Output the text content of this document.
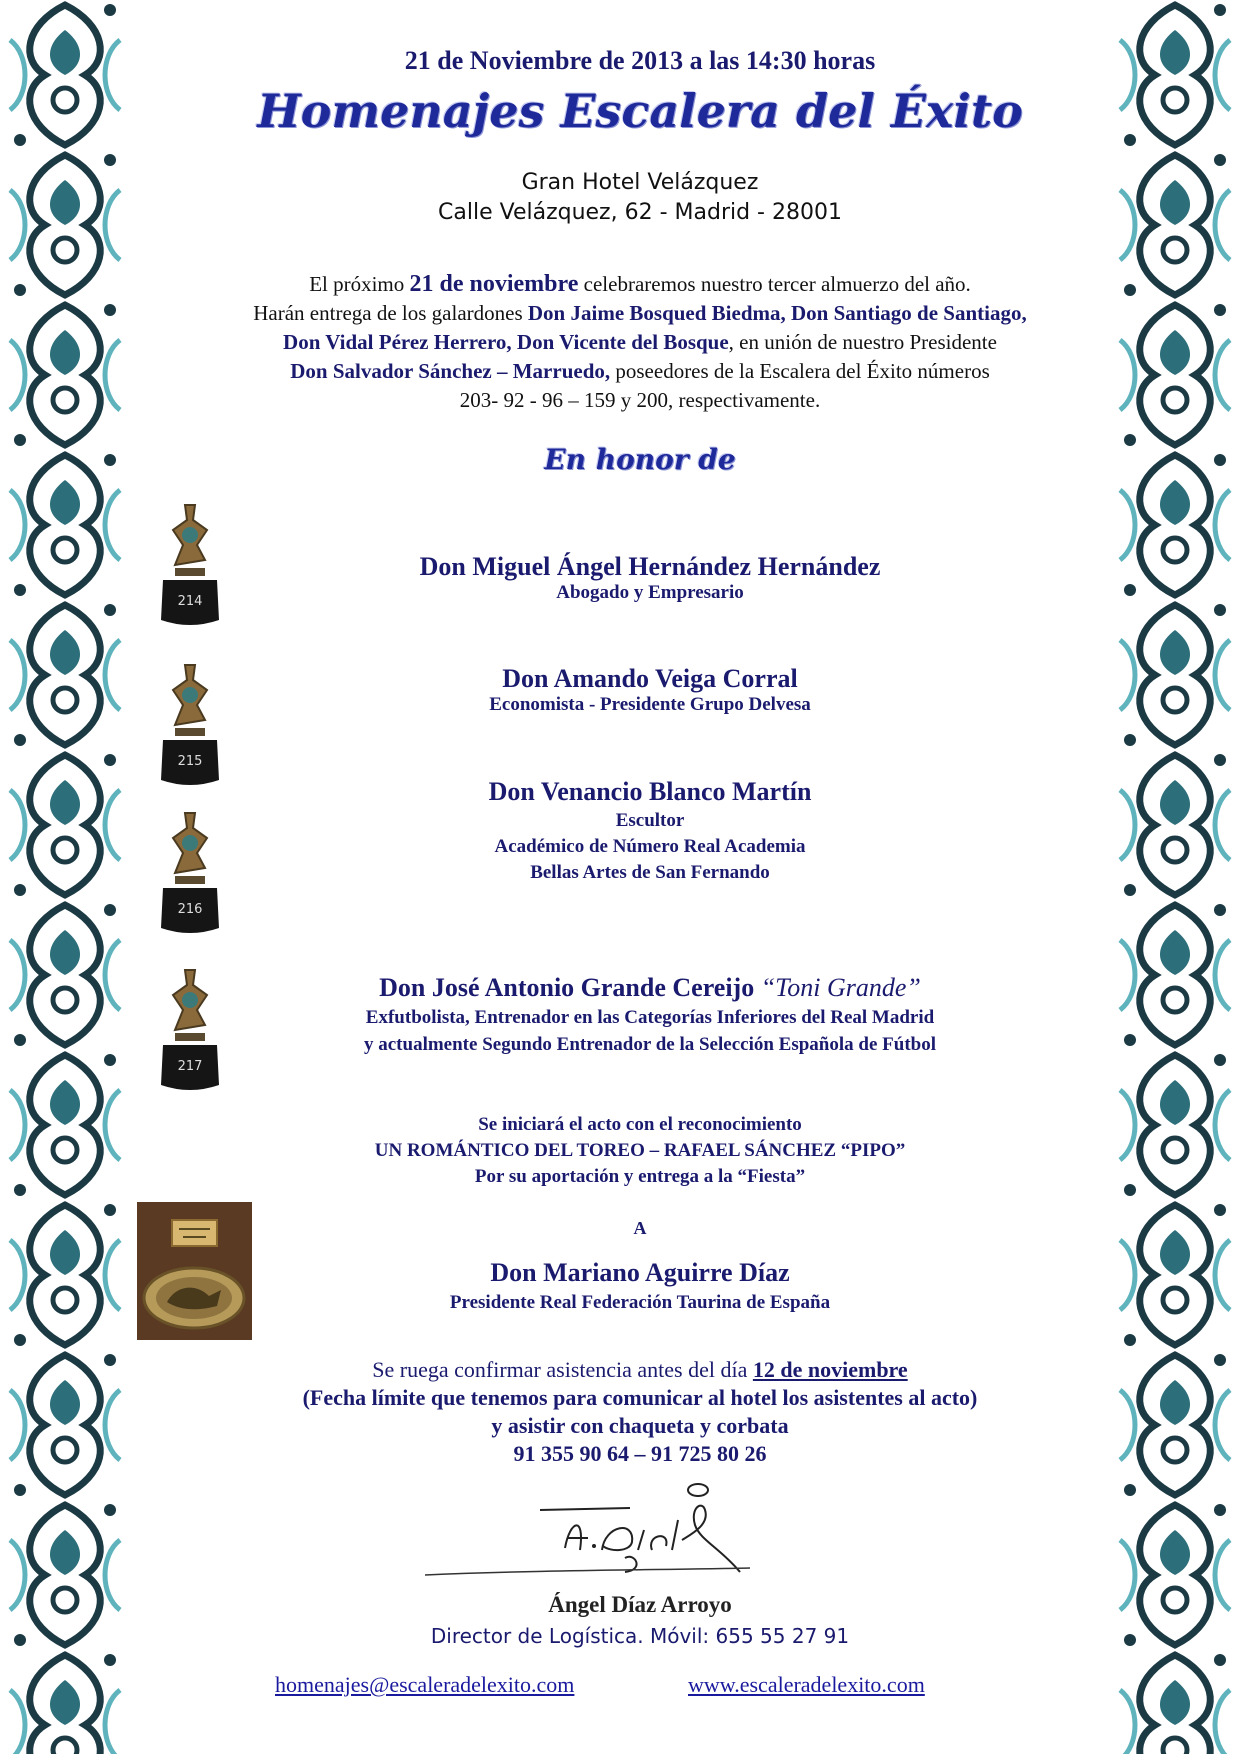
21 de Noviembre de 2013 a las 14:30 horas
Homenajes Escalera del Éxito
Gran Hotel Velázquez
Calle Velázquez, 62 - Madrid - 28001
El próximo 21 de noviembre celebraremos nuestro tercer almuerzo del año.
Harán entrega de los galardones Don Jaime Bosqued Biedma, Don Santiago de Santiago,
Don Vidal Pérez Herrero, Don Vicente del Bosque, en unión de nuestro Presidente
Don Salvador Sánchez – Marruedo, poseedores de la Escalera del Éxito números
203- 92 - 96 – 159 y 200, respectivamente.
En honor de
214
215
216
217
Don Miguel Ángel Hernández Hernández
Abogado y Empresario
Don Amando Veiga Corral
Economista - Presidente Grupo Delvesa
Don Venancio Blanco Martín
Escultor
Académico de Número Real Academia
Bellas Artes de San Fernando
Don José Antonio Grande Cereijo “Toni Grande”
Exfutbolista, Entrenador en las Categorías Inferiores del Real Madrid
y actualmente Segundo Entrenador de la Selección Española de Fútbol
Se iniciará el acto con el reconocimiento
UN ROMÁNTICO DEL TOREO – RAFAEL SÁNCHEZ “PIPO”
Por su aportación y entrega a la “Fiesta”
A
Don Mariano Aguirre Díaz
Presidente Real Federación Taurina de España
Se ruega confirmar asistencia antes del día 12 de noviembre
(Fecha límite que tenemos para comunicar al hotel los asistentes al acto)
y asistir con chaqueta y corbata
91 355 90 64 – 91 725 80 26
Ángel Díaz Arroyo
Director de Logística. Móvil: 655 55 27 91
homenajes@escaleradelexito.com	www.escaleradelexito.com
